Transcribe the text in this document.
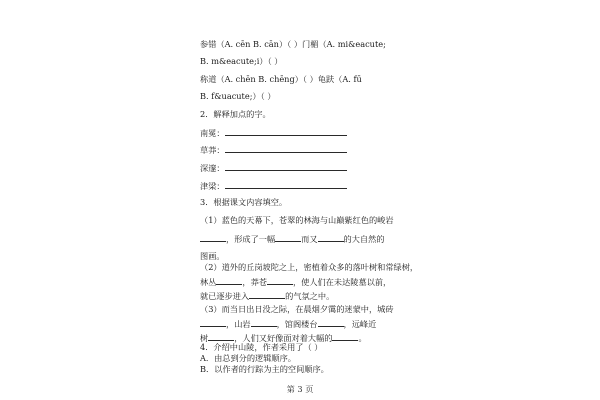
参错（A. cēn B. cān）（ ）门楣（A. mi&eacute;
B. m&eacute;i）（ ）
称道（A. chēn B. chēng）（ ）龟趺（A. fū
B. f&uacute;）（ ）
2．解释加点的字。
南冕：
草莽：
深邃：
津梁：
3．根据课文内容填空。
（1）蓝色的天幕下，苍翠的林海与山巅紫红色的峻岩
，形成了一幅	而又	的大自然的
图画。
（2）道外的丘岗坡陀之上，密植着众多的落叶树和常绿树，
林丛	，莽苍	，使人们在未达陵墓以前，
就已逐步进入	的气氛之中。
（3）而当日出日没之际，在晨烟夕霭的迷蒙中，城砖
，山岩	，馆阁楼台	，远峰近
树	，人们又好像面对着大幅的	。
第 3 页
4．介绍中山陵，作者采用了（ ）
A．由总到分的逻辑顺序。
B．以作者的行踪为主的空间顺序。
